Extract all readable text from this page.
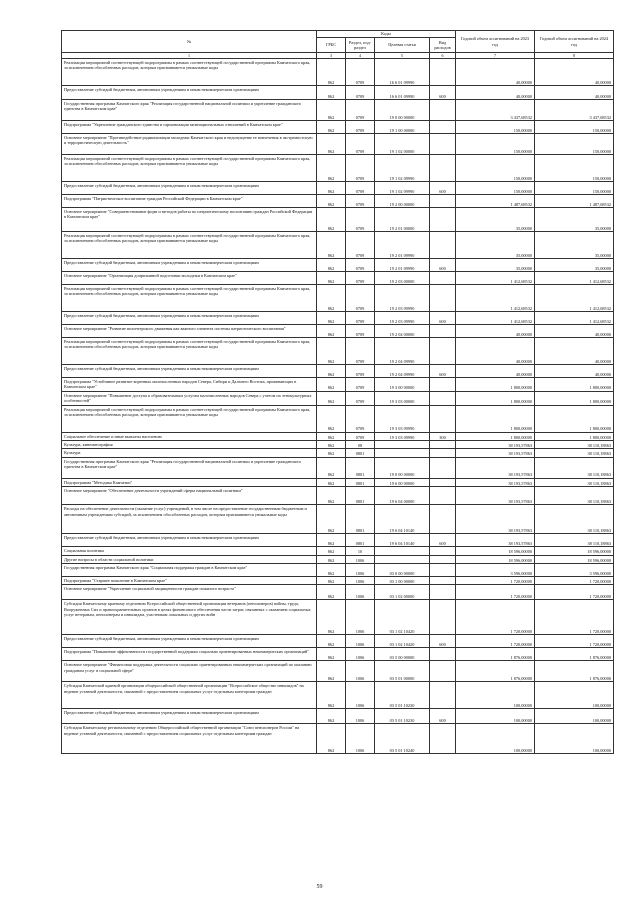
№	Коды				Годовой объем ассигнований на 2023 год	Годовой объем ассигнований на 2024 год
	ГРБС	Раздел, под-раздел	Целевая статья	Вид расходов		
1	3	4	5	6	7	8
Реализация мероприятий соответствующей подпрограммы в рамках соответствующей государственной программы Камчатского края, за исключением обособленных расходов, которым присваиваются уникальные коды	862	0709	16 6 01 09990		40,00000	40,00000
Предоставление субсидий бюджетным, автономным учреждениям и иным некоммерческим организациям	862	0709	16 6 01 09990	600	40,00000	40,00000
Государственная программа Камчатского края "Реализация государственной национальной политики и укрепление гражданского единства в Камчатском крае"	862	0709	19 0 00 00000		3 437,68532	3 437,68532
Подпрограмма "Укрепление гражданского единства и гармонизация межнациональных отношений в Камчатском крае"	862	0709	19 1 00 00000		150,00000	150,00000
Основное мероприятие "Противодействие радикализации молодежи Камчатского края и недопущение ее вовлечения в экстремистскую и террористическую деятельность"	862	0709	19 1 02 00000		150,00000	150,00000
Реализация мероприятий соответствующей подпрограммы в рамках соответствующей государственной программы Камчатского края, за исключением обособленных расходов, которым присваиваются уникальные коды	862	0709	19 1 02 09990		150,00000	150,00000
Предоставление субсидий бюджетным, автономным учреждениям и иным некоммерческим организациям	862	0709	19 1 02 09990	600	150,00000	150,00000
Подпрограмма "Патриотическое воспитание граждан Российской Федерации в Камчатском крае"	862	0709	19 2 00 00000		1 487,68532	1 487,68532
Основное мероприятие "Совершенствование форм и методов работы по патриотическому воспитанию граждан Российской Федерации в Камчатском крае"	862	0709	19 2 01 00000		35,00000	35,00000
Реализация мероприятий соответствующей подпрограммы в рамках соответствующей государственной программы Камчатского края, за исключением обособленных расходов, которым присваиваются уникальные коды	862	0709	19 2 01 09990		35,00000	35,00000
Предоставление субсидий бюджетным, автономным учреждениям и иным некоммерческим организациям	862	0709	19 2 01 09990	600	35,00000	35,00000
Основное мероприятие "Организация допризывной подготовки молодежи в Камчатском крае"	862	0709	19 2 03 00000		1 412,68532	1 412,68532
Реализация мероприятий соответствующей подпрограммы в рамках соответствующей государственной программы Камчатского края, за исключением обособленных расходов, которым присваиваются уникальные коды	862	0709	19 2 03 09990		1 412,68532	1 412,68532
Предоставление субсидий бюджетным, автономным учреждениям и иным некоммерческим организациям	862	0709	19 2 03 09990	600	1 412,68532	1 412,68532
Основное мероприятие "Развитие волонтерского движения как важного элемента системы патриотического воспитания"	862	0709	19 2 04 00000		40,00000	40,00000
Реализация мероприятий соответствующей подпрограммы в рамках соответствующей государственной программы Камчатского края, за исключением обособленных расходов, которым присваиваются уникальные коды	862	0709	19 2 04 09990		40,00000	40,00000
Предоставление субсидий бюджетным, автономным учреждениям и иным некоммерческим организациям	862	0709	19 2 04 09990	600	40,00000	40,00000
Подпрограмма "Устойчивое развитие коренных малочисленных народов Севера, Сибири и Дальнего Востока, проживающих в Камчатском крае"	862	0709	19 3 00 00000		1 800,00000	1 800,00000
Основное мероприятие "Повышение доступа к образовательным услугам малочисленных народов Севера с учетом их этнокультурных особенностей"	862	0709	19 3 03 00000		1 800,00000	1 800,00000
Реализация мероприятий соответствующей подпрограммы в рамках соответствующей государственной программы Камчатского края, за исключением обособленных расходов, которым присваиваются уникальные коды	862	0709	19 3 03 09990		1 800,00000	1 800,00000
Социальное обеспечение и иные выплаты населению	862	0709	19 3 03 09990	300	1 800,00000	1 800,00000
Культура, кинематография	862	08			38 193,57863	38 110,18863
Культура	862	0801			38 193,57863	38 110,18863
Государственная программа Камчатского края "Реализация государственной национальной политики и укрепление гражданского единства в Камчатском крае"	862	0801	19 0 00 00000		38 193,57863	38 110,18863
Подпрограмма "Методика Камчатки"	862	0801	19 6 00 00000		38 193,57863	38 110,18863
Основное мероприятие "Обеспечение деятельности учреждений сферы национальной политики"	862	0801	19 6 04 00000		38 193,57863	38 110,18863
Расходы на обеспечение деятельности (оказание услуг) учреждений, в том числе на предоставление государственным бюджетным и автономным учреждениям субсидий, за исключением обособленных расходов, которым присваиваются уникальные коды	862	0801	19 6 04 10140		38 193,57863	38 110,18863
Предоставление субсидий бюджетным, автономным учреждениям и иным некоммерческим организациям	862	0801	19 6 04 10140	600	38 193,57863	38 110,18863
Социальная политика	862	10			18 596,00000	18 596,00000
Другие вопросы в области социальной политики	862	1006			18 596,00000	18 596,00000
Государственная программа Камчатского края "Социальная поддержка граждан в Камчатском крае"	862	1006	03 0 00 00000		3 596,00000	3 596,00000
Подпрограмма "Старшее поколение в Камчатском крае"	862	1006	03 1 00 00000		1 720,00000	1 720,00000
Основное мероприятие "Укрепление социальной защищенности граждан пожилого возраста"	862	1006	03 1 02 00000		1 720,00000	1 720,00000
Субсидия Камчатскому краевому отделению Всероссийской общественной организации ветеранов (пенсионеров) войны, труда, Вооруженных Сил и правоохранительных органов в целях финансового обеспечения части затрат, связанных с оказанием социальных услуг ветеранам, пенсионерам и инвалидам, участникам локальных и других войн	862	1006	03 1 02 10420		1 720,00000	1 720,00000
Предоставление субсидий бюджетным, автономным учреждениям и иным некоммерческим организациям	862	1006	03 1 02 10420	600	1 720,00000	1 720,00000
Подпрограмма "Повышение эффективности государственной поддержки социально ориентированных некоммерческих организаций"	862	1006	03 5 00 00000		1 876,00000	1 876,00000
Основное мероприятие "Финансовая поддержка деятельности социально ориентированных некоммерческих организаций по оказанию гражданам услуг в социальной сфере"	862	1006	03 5 01 00000		1 876,00000	1 876,00000
Субсидия Камчатской краевой организации общероссийской общественной организации "Всероссийское общество инвалидов" на ведение уставной деятельности, связанной с предоставлением социальных услуг отдельным категориям граждан	862	1006	03 5 01 10230		100,00000	100,00000
Предоставление субсидий бюджетным, автономным учреждениям и иным некоммерческим организациям	862	1006	03 5 01 10230	600	100,00000	100,00000
Субсидия Камчатскому региональному отделению Общероссийской общественной организации "Союз пенсионеров России" на ведение уставной деятельности, связанной с предоставлением социальных услуг отдельным категориям граждан	862	1006	03 5 01 10240		100,00000	100,00000
59
